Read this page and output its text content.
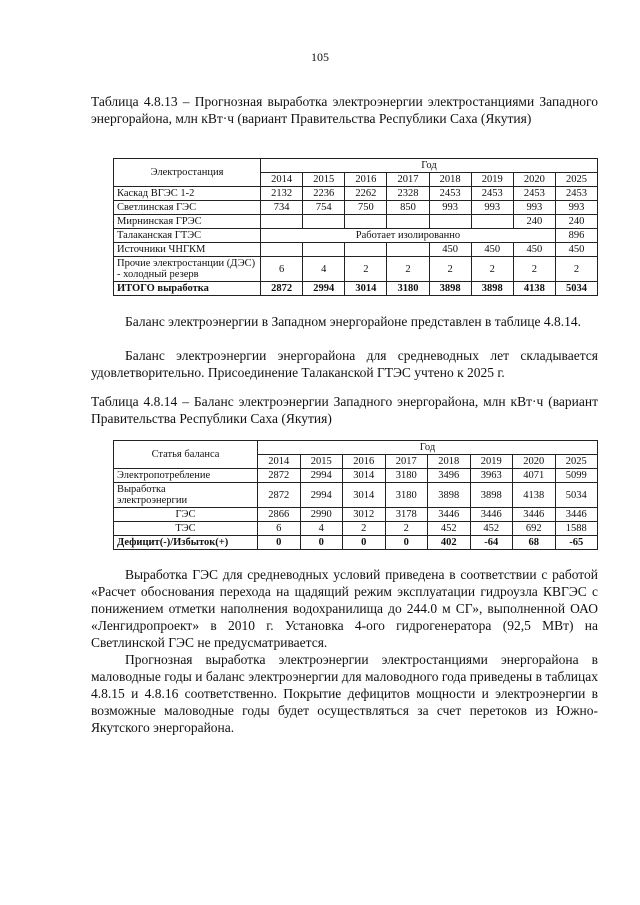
105
Таблица 4.8.13 – Прогнозная выработка электроэнергии электростанциями Западного энергорайона, млн кВт·ч (вариант Правительства Республики Саха (Якутия)
Электростанция	Год							
	2014	2015	2016	2017	2018	2019	2020	2025
Каскад ВГЭС 1-2	2132	2236	2262	2328	2453	2453	2453	2453
Светлинская ГЭС	734	754	750	850	993	993	993	993
Мирнинская ГРЭС							240	240
Талаканская ГТЭС	Работает изолированно							896
Источники ЧНГКМ					450	450	450	450
Прочие электростанции (ДЭС) - холодный резерв	6	4	2	2	2	2	2	2
ИТОГО выработка	2872	2994	3014	3180	3898	3898	4138	5034
Баланс электроэнергии в Западном энергорайоне представлен в таблице 4.8.14.
Баланс электроэнергии энергорайона для средневодных лет складывается удовлетворительно. Присоединение Талаканской ГТЭС учтено к 2025 г.
Таблица 4.8.14 – Баланс электроэнергии Западного энергорайона, млн кВт·ч (вариант Правительства Республики Саха (Якутия)
Статья баланса	Год							
	2014	2015	2016	2017	2018	2019	2020	2025
Электропотребление	2872	2994	3014	3180	3496	3963	4071	5099
Выработка электроэнергии	2872	2994	3014	3180	3898	3898	4138	5034
ГЭС	2866	2990	3012	3178	3446	3446	3446	3446
ТЭС	6	4	2	2	452	452	692	1588
Дефицит(-)/Избыток(+)	0	0	0	0	402	-64	68	-65
Выработка ГЭС для средневодных условий приведена в соответствии с работой «Расчет обоснования перехода на щадящий режим эксплуатации гидроузла КВГЭС с понижением отметки наполнения водохранилища до 244.0 м СГ», выполненной ОАО «Ленгидропроект» в 2010 г. Установка 4-ого гидрогенератора (92,5 МВт) на Светлинской ГЭС не предусматривается.
Прогнозная выработка электроэнергии электростанциями энергорайона в маловодные годы и баланс электроэнергии для маловодного года приведены в таблицах 4.8.15 и 4.8.16 соответственно. Покрытие дефицитов мощности и электроэнергии в возможные маловодные годы будет осуществляться за счет перетоков из Южно-Якутского энергорайона.
